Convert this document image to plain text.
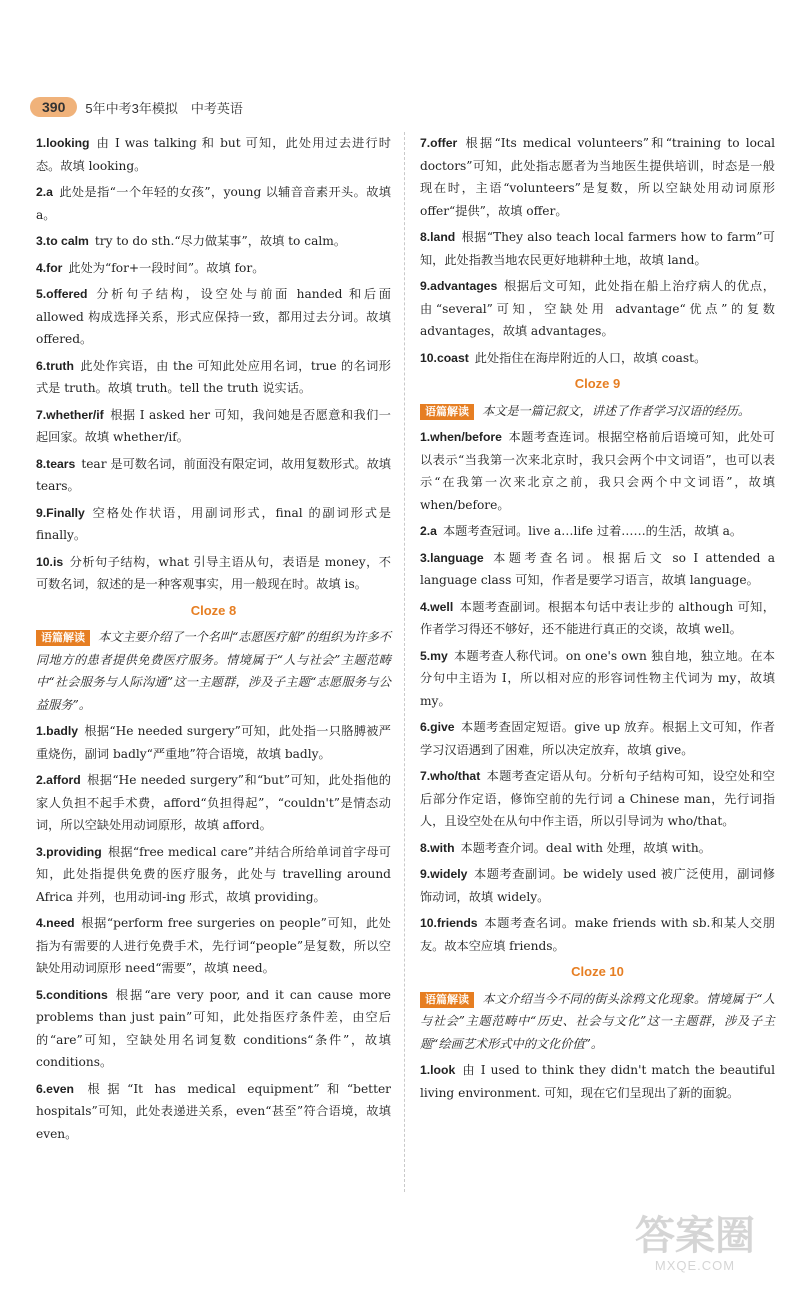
390	5年中考3年模拟　中考英语

1.looking 由 I was talking 和 but 可知，此处用过去进行时态。故填 looking。

2.a 此处是指“一个年轻的女孩”，young 以辅音音素开头。故填 a。

3.to calm try to do sth.“尽力做某事”，故填 to calm。

4.for 此处为“for+一段时间”。故填 for。

5.offered 分析句子结构，设空处与前面 handed 和后面 allowed 构成选择关系，形式应保持一致，都用过去分词。故填 offered。

6.truth 此处作宾语，由 the 可知此处应用名词，true 的名词形式是 truth。故填 truth。tell the truth 说实话。

7.whether/if 根据 I asked her 可知，我问她是否愿意和我们一起回家。故填 whether/if。

8.tears tear 是可数名词，前面没有限定词，故用复数形式。故填 tears。

9.Finally 空格处作状语，用副词形式，final 的副词形式是 finally。

10.is 分析句子结构，what 引导主语从句，表语是 money，不可数名词，叙述的是一种客观事实，用一般现在时。故填 is。

Cloze 8

语篇解读 本文主要介绍了一个名叫“志愿医疗船”的组织为许多不同地方的患者提供免费医疗服务。情境属于“人与社会”主题范畴中“社会服务与人际沟通”这一主题群，涉及子主题“志愿服务与公益服务”。

1.badly 根据“He needed surgery”可知，此处指一只胳膊被严重烧伤，副词 badly“严重地”符合语境，故填 badly。

2.afford 根据“He needed surgery”和“but”可知，此处指他的家人负担不起手术费，afford“负担得起”，“couldn't”是情态动词，所以空缺处用动词原形，故填 afford。

3.providing 根据“free medical care”并结合所给单词首字母可知，此处指提供免费的医疗服务，此处与 travelling around Africa 并列，也用动词-ing 形式，故填 providing。

4.need 根据“perform free surgeries on people”可知，此处指为有需要的人进行免费手术，先行词“people”是复数，所以空缺处用动词原形 need“需要”，故填 need。

5.conditions 根据“are very poor, and it can cause more problems than just pain”可知，此处指医疗条件差，由空后的“are”可知，空缺处用名词复数 conditions“条件”，故填 conditions。

6.even 根据“It has medical equipment”和“better hospitals”可知，此处表递进关系，even“甚至”符合语境，故填 even。

7.offer 根据“Its medical volunteers”和“training to local doctors”可知，此处指志愿者为当地医生提供培训，时态是一般现在时，主语“volunteers”是复数，所以空缺处用动词原形 offer“提供”，故填 offer。

8.land 根据“They also teach local farmers how to farm”可知，此处指教当地农民更好地耕种土地，故填 land。

9.advantages 根据后文可知，此处指在船上治疗病人的优点，由“several”可知，空缺处用 advantage“优点”的复数 advantages，故填 advantages。

10.coast 此处指住在海岸附近的人口，故填 coast。

Cloze 9

语篇解读 本文是一篇记叙文，讲述了作者学习汉语的经历。

1.when/before 本题考查连词。根据空格前后语境可知，此处可以表示“当我第一次来北京时，我只会两个中文词语”，也可以表示“在我第一次来北京之前，我只会两个中文词语”，故填 when/before。

2.a 本题考查冠词。live a…life 过着……的生活，故填 a。

3.language 本题考查名词。根据后文 so I attended a language class 可知，作者是要学习语言，故填 language。

4.well 本题考查副词。根据本句话中表让步的 although 可知，作者学习得还不够好，还不能进行真正的交谈，故填 well。

5.my 本题考查人称代词。on one's own 独自地，独立地。在本分句中主语为 I，所以相对应的形容词性物主代词为 my，故填 my。

6.give 本题考查固定短语。give up 放弃。根据上文可知，作者学习汉语遇到了困难，所以决定放弃，故填 give。

7.who/that 本题考查定语从句。分析句子结构可知，设空处和空后部分作定语，修饰空前的先行词 a Chinese man，先行词指人，且设空处在从句中作主语，所以引导词为 who/that。

8.with 本题考查介词。deal with 处理，故填 with。

9.widely 本题考查副词。be widely used 被广泛使用，副词修饰动词，故填 widely。

10.friends 本题考查名词。make friends with sb.和某人交朋友。故本空应填 friends。

Cloze 10

语篇解读 本文介绍当今不同的街头涂鸦文化现象。情境属于“人与社会”主题范畴中“历史、社会与文化”这一主题群，涉及子主题“绘画艺术形式中的文化价值”。

1.look 由 I used to think they didn't match the beautiful living environment. 可知，现在它们呈现出了新的面貌。

答案圈
MXQE.COM
